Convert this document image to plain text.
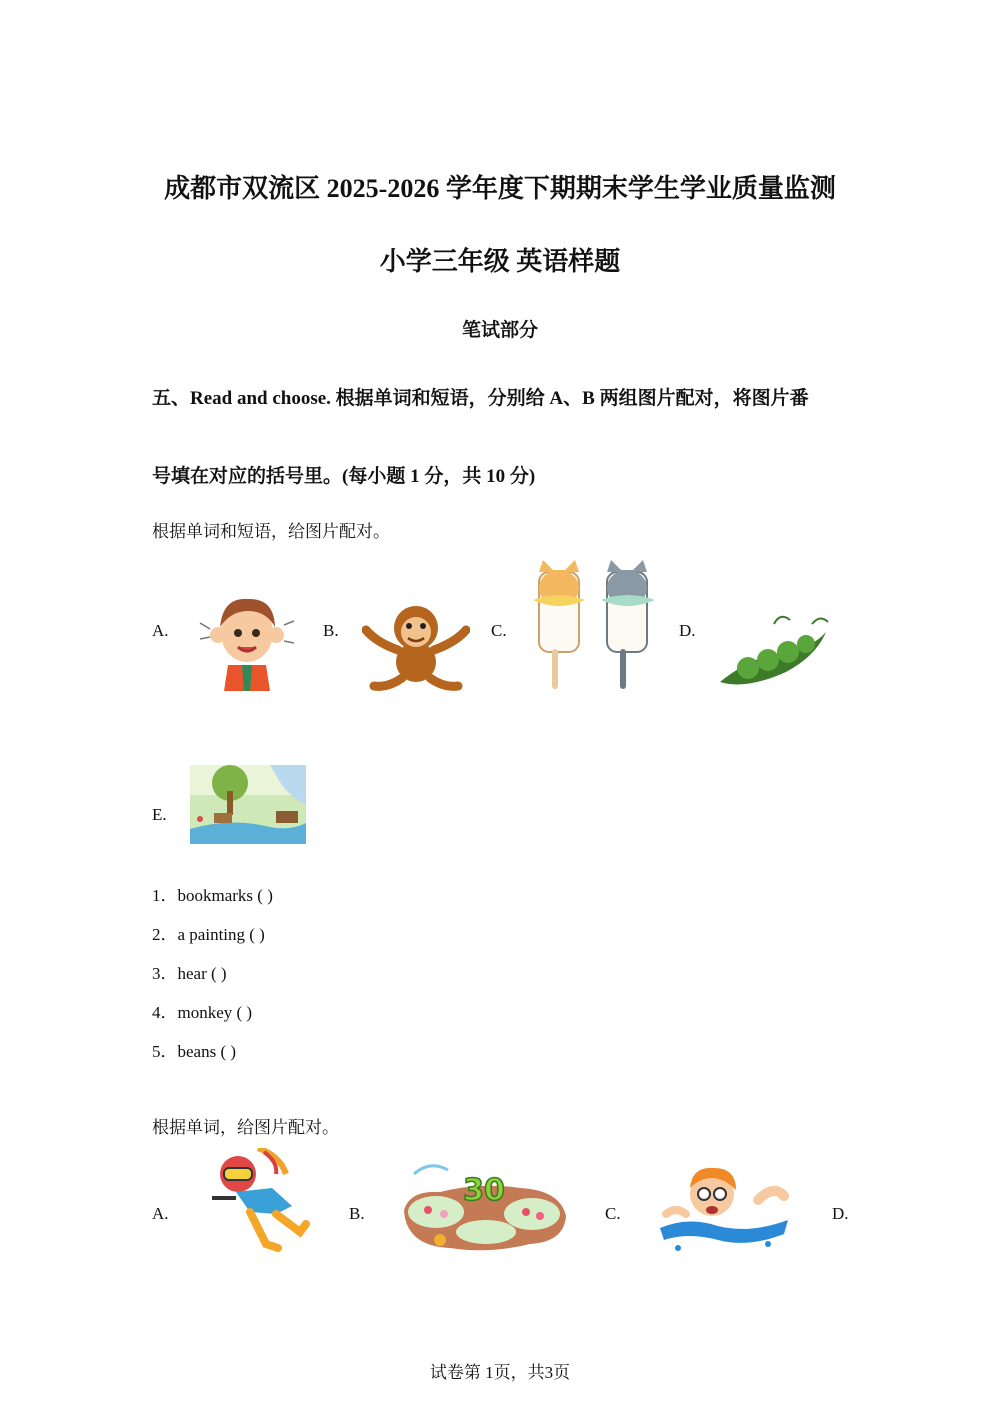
成都市双流区 2025-2026 学年度下期期末学生学业质量监测
小学三年级 英语样题
笔试部分
五、Read and choose. 根据单词和短语，分别给 A、B 两组图片配对，将图片番
号填在对应的括号里。(每小题 1 分，共 10 分)
根据单词和短语，给图片配对。
A.	B.	C.	D.
E.
1．bookmarks ( )
2．a painting ( )
3．hear ( )
4．monkey ( )
5．beans ( )
根据单词，给图片配对。
A.	B.
30
C.	D.
试卷第 1页，共3页
